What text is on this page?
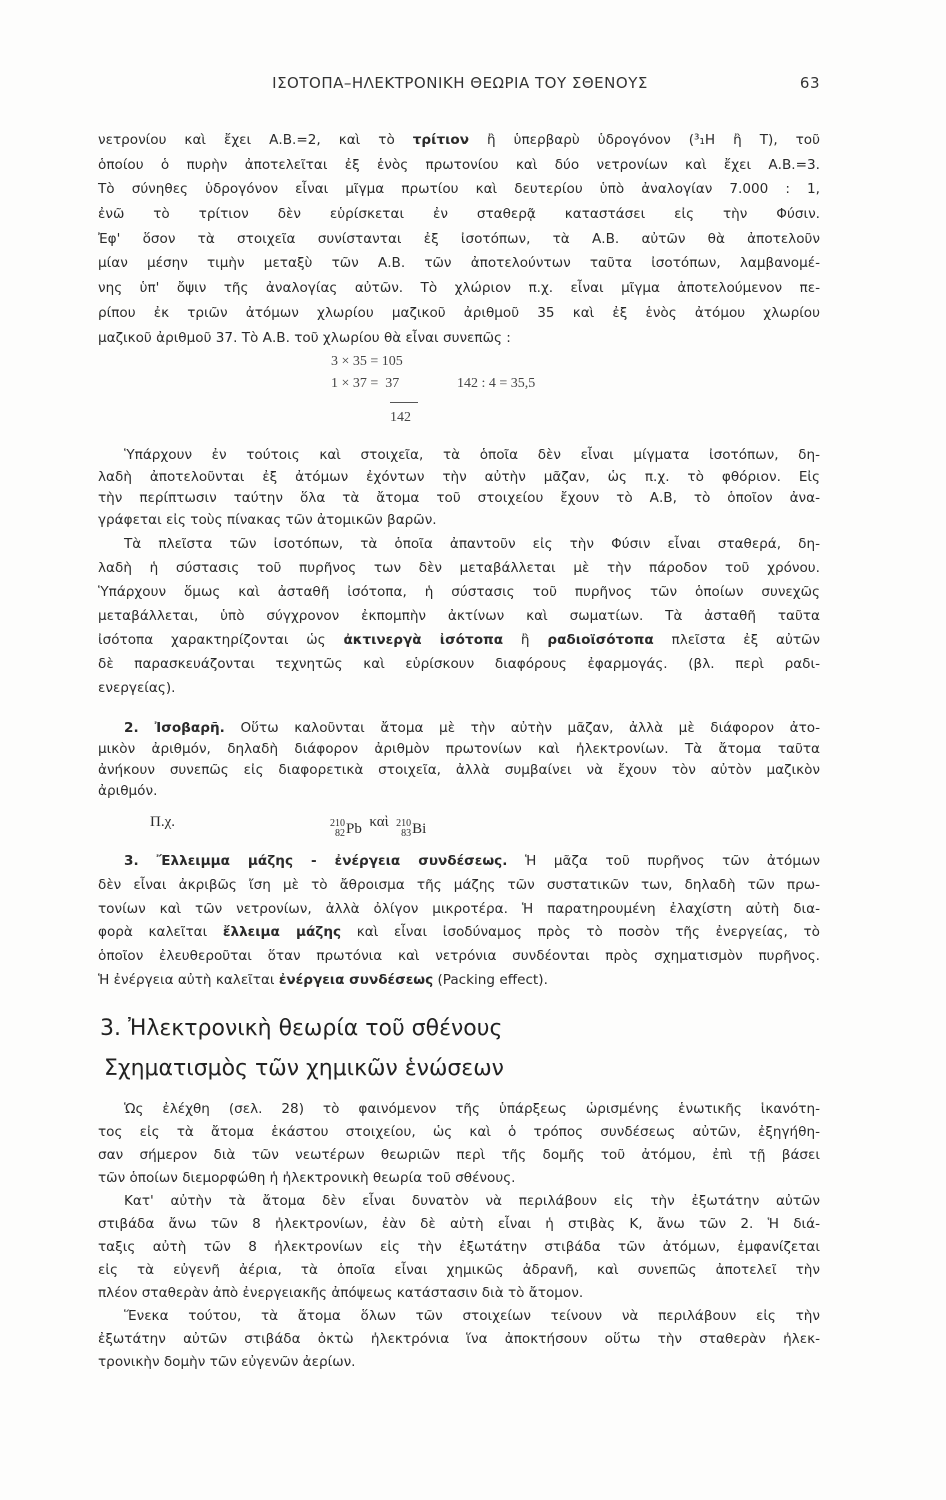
ΙΣΟΤΟΠΑ–ΗΛΕΚΤΡΟΝΙΚΗ ΘΕΩΡΙΑ ΤΟΥ ΣΘΕΝΟΥΣ	63
νετρονίου καὶ ἔχει Α.Β.=2, καὶ τὸ τρίτιον ἢ ὑπερβαρὺ ὑδρογόνον (³₁Η ἢ Τ), τοῦ
ὁποίου ὁ πυρὴν ἀποτελεῖται ἐξ ἑνὸς πρωτονίου καὶ δύο νετρονίων καὶ ἔχει Α.Β.=3.
Τὸ σύνηθες ὑδρογόνον εἶναι μῖγμα πρωτίου καὶ δευτερίου ὑπὸ ἀναλογίαν 7.000 : 1,
ἐνῶ τὸ τρίτιον δὲν εὑρίσκεται ἐν σταθερᾷ καταστάσει εἰς τὴν Φύσιν.
Ἐφ' ὅσον τὰ στοιχεῖα συνίστανται ἐξ ἰσοτόπων, τὰ Α.Β. αὐτῶν θὰ ἀποτελοῦν
μίαν μέσην τιμὴν μεταξὺ τῶν Α.Β. τῶν ἀποτελούντων ταῦτα ἰσοτόπων, λαμβανομέ-
νης ὑπ' ὄψιν τῆς ἀναλογίας αὐτῶν. Τὸ χλώριον π.χ. εἶναι μῖγμα ἀποτελούμενον πε-
ρίπου ἐκ τριῶν ἀτόμων χλωρίου μαζικοῦ ἀριθμοῦ 35 καὶ ἐξ ἑνὸς ἀτόμου χλωρίου
μαζικοῦ ἀριθμοῦ 37. Τὸ Α.Β. τοῦ χλωρίου θὰ εἶναι συνεπῶς :
3 × 35 = 105
1 × 37 =  37
142
142 : 4 = 35,5
Ὑπάρχουν ἐν τούτοις καὶ στοιχεῖα, τὰ ὁποῖα δὲν εἶναι μίγματα ἰσοτόπων, δη-
λαδὴ ἀποτελοῦνται ἐξ ἀτόμων ἐχόντων τὴν αὐτὴν μᾶζαν, ὡς π.χ. τὸ φθόριον. Εἰς
τὴν περίπτωσιν ταύτην ὅλα τὰ ἄτομα τοῦ στοιχείου ἔχουν τὸ Α.Β, τὸ ὁποῖον ἀνα-
γράφεται εἰς τοὺς πίνακας τῶν ἀτομικῶν βαρῶν.
Τὰ πλεῖστα τῶν ἰσοτόπων, τὰ ὁποῖα ἀπαντοῦν εἰς τὴν Φύσιν εἶναι σταθερά, δη-
λαδὴ ἡ σύστασις τοῦ πυρῆνος των δὲν μεταβάλλεται μὲ τὴν πάροδον τοῦ χρόνου.
Ὑπάρχουν ὅμως καὶ ἀσταθῆ ἰσότοπα, ἡ σύστασις τοῦ πυρῆνος τῶν ὁποίων συνεχῶς
μεταβάλλεται, ὑπὸ σύγχρονον ἐκπομπὴν ἀκτίνων καὶ σωματίων. Τὰ ἀσταθῆ ταῦτα
ἰσότοπα χαρακτηρίζονται ὡς ἀκτινεργὰ ἰσότοπα ἢ ραδιοϊσότοπα πλεῖστα ἐξ αὐτῶν
δὲ παρασκευάζονται τεχνητῶς καὶ εὑρίσκουν διαφόρους ἐφαρμογάς. (βλ. περὶ ραδι-
ενεργείας).
2. Ἰσοβαρῆ. Οὕτω καλοῦνται ἄτομα μὲ τὴν αὐτὴν μᾶζαν, ἀλλὰ μὲ διάφορον ἀτο-
μικὸν ἀριθμόν, δηλαδὴ διάφορον ἀριθμὸν πρωτονίων καὶ ἠλεκτρονίων. Τὰ ἄτομα ταῦτα
ἀνήκουν συνεπῶς εἰς διαφορετικὰ στοιχεῖα, ἀλλὰ συμβαίνει νὰ ἔχουν τὸν αὐτὸν μαζικὸν
ἀριθμόν.
Π.χ.	210
82 Pb καὶ 210
83 Bi
3. Ἔλλειμμα μάζης - ἐνέργεια συνδέσεως. Ἡ μᾶζα τοῦ πυρῆνος τῶν ἀτόμων
δὲν εἶναι ἀκριβῶς ἴση μὲ τὸ ἄθροισμα τῆς μάζης τῶν συστατικῶν των, δηλαδὴ τῶν πρω-
τονίων καὶ τῶν νετρονίων, ἀλλὰ ὀλίγον μικροτέρα. Ἡ παρατηρουμένη ἐλαχίστη αὐτὴ δια-
φορὰ καλεῖται ἔλλειμα μάζης καὶ εἶναι ἰσοδύναμος πρὸς τὸ ποσὸν τῆς ἐνεργείας, τὸ
ὁποῖον ἐλευθεροῦται ὅταν πρωτόνια καὶ νετρόνια συνδέονται πρὸς σχηματισμὸν πυρῆνος.
Ἡ ἐνέργεια αὐτὴ καλεῖται ἐνέργεια συνδέσεως (Packing effect).
3. Ἠλεκτρονικὴ θεωρία τοῦ σθένους
Σχηματισμὸς τῶν χημικῶν ἑνώσεων
Ὡς ἐλέχθη (σελ. 28) τὸ φαινόμενον τῆς ὑπάρξεως ὡρισμένης ἑνωτικῆς ἱκανότη-
τος εἰς τὰ ἄτομα ἑκάστου στοιχείου, ὡς καὶ ὁ τρόπος συνδέσεως αὐτῶν, ἐξηγήθη-
σαν σήμερον διὰ τῶν νεωτέρων θεωριῶν περὶ τῆς δομῆς τοῦ ἀτόμου, ἐπὶ τῇ βάσει
τῶν ὁποίων διεμορφώθη ἡ ἠλεκτρονικὴ θεωρία τοῦ σθένους.
Κατ' αὐτὴν τὰ ἄτομα δὲν εἶναι δυνατὸν νὰ περιλάβουν εἰς τὴν ἐξωτάτην αὐτῶν
στιβάδα ἄνω τῶν 8 ἠλεκτρονίων, ἐὰν δὲ αὐτὴ εἶναι ἡ στιβὰς Κ, ἄνω τῶν 2. Ἡ διά-
ταξις αὐτὴ τῶν 8 ἠλεκτρονίων εἰς τὴν ἐξωτάτην στιβάδα τῶν ἀτόμων, ἐμφανίζεται
εἰς τὰ εὐγενῆ ἀέρια, τὰ ὁποῖα εἶναι χημικῶς ἀδρανῆ, καὶ συνεπῶς ἀποτελεῖ τὴν
πλέον σταθερὰν ἀπὸ ἐνεργειακῆς ἀπόψεως κατάστασιν διὰ τὸ ἄτομον.
Ἕνεκα τούτου, τὰ ἄτομα ὅλων τῶν στοιχείων τείνουν νὰ περιλάβουν εἰς τὴν
ἐξωτάτην αὐτῶν στιβάδα ὀκτὼ ἠλεκτρόνια ἵνα ἀποκτήσουν οὕτω τὴν σταθερὰν ἠλεκ-
τρονικὴν δομὴν τῶν εὐγενῶν ἀερίων.
